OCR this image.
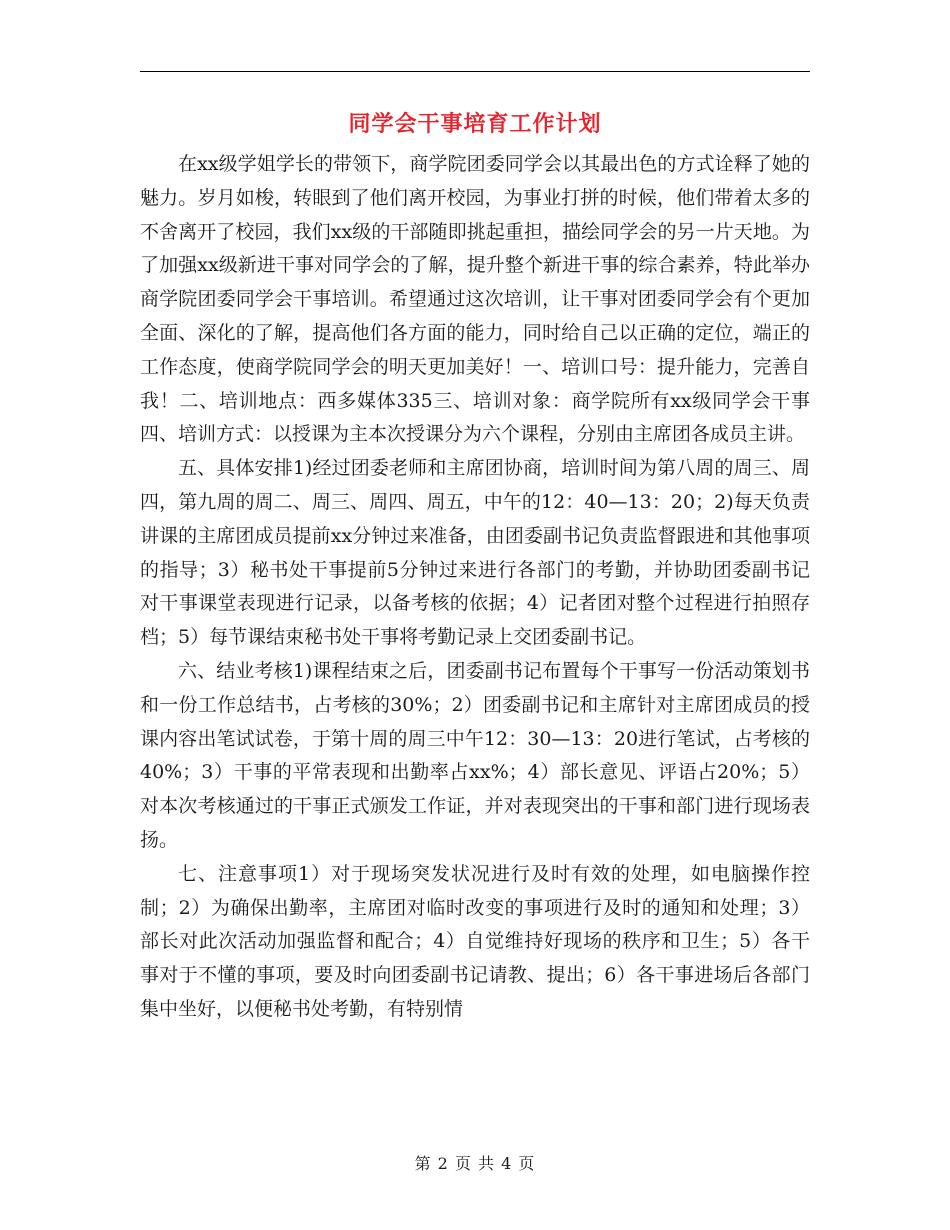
同学会干事培育工作计划

在xx级学姐学长的带领下，商学院团委同学会以其最出色的方式诠释了她的魅力。岁月如梭，转眼到了他们离开校园，为事业打拼的时候，他们带着太多的不舍离开了校园，我们xx级的干部随即挑起重担，描绘同学会的另一片天地。为了加强xx级新进干事对同学会的了解，提升整个新进干事的综合素养，特此举办商学院团委同学会干事培训。希望通过这次培训，让干事对团委同学会有个更加全面、深化的了解，提高他们各方面的能力，同时给自己以正确的定位，端正的工作态度，使商学院同学会的明天更加美好！一、培训口号：提升能力，完善自我！二、培训地点：西多媒体335三、培训对象：商学院所有xx级同学会干事四、培训方式：以授课为主本次授课分为六个课程，分别由主席团各成员主讲。

五、具体安排1)经过团委老师和主席团协商，培训时间为第八周的周三、周四，第九周的周二、周三、周四、周五，中午的12：40—13：20；2)每天负责讲课的主席团成员提前xx分钟过来准备，由团委副书记负责监督跟进和其他事项的指导；3）秘书处干事提前5分钟过来进行各部门的考勤，并协助团委副书记对干事课堂表现进行记录，以备考核的依据；4）记者团对整个过程进行拍照存档；5）每节课结束秘书处干事将考勤记录上交团委副书记。

六、结业考核1)课程结束之后，团委副书记布置每个干事写一份活动策划书和一份工作总结书，占考核的30%；2）团委副书记和主席针对主席团成员的授课内容出笔试试卷，于第十周的周三中午12：30—13：20进行笔试，占考核的40%；3）干事的平常表现和出勤率占xx%；4）部长意见、评语占20%；5）对本次考核通过的干事正式颁发工作证，并对表现突出的干事和部门进行现场表扬。

七、注意事项1）对于现场突发状况进行及时有效的处理，如电脑操作控制；2）为确保出勤率，主席团对临时改变的事项进行及时的通知和处理；3）部长对此次活动加强监督和配合；4）自觉维持好现场的秩序和卫生；5）各干事对于不懂的事项，要及时向团委副书记请教、提出；6）各干事进场后各部门集中坐好，以便秘书处考勤，有特别情

第 2 页 共 4 页
